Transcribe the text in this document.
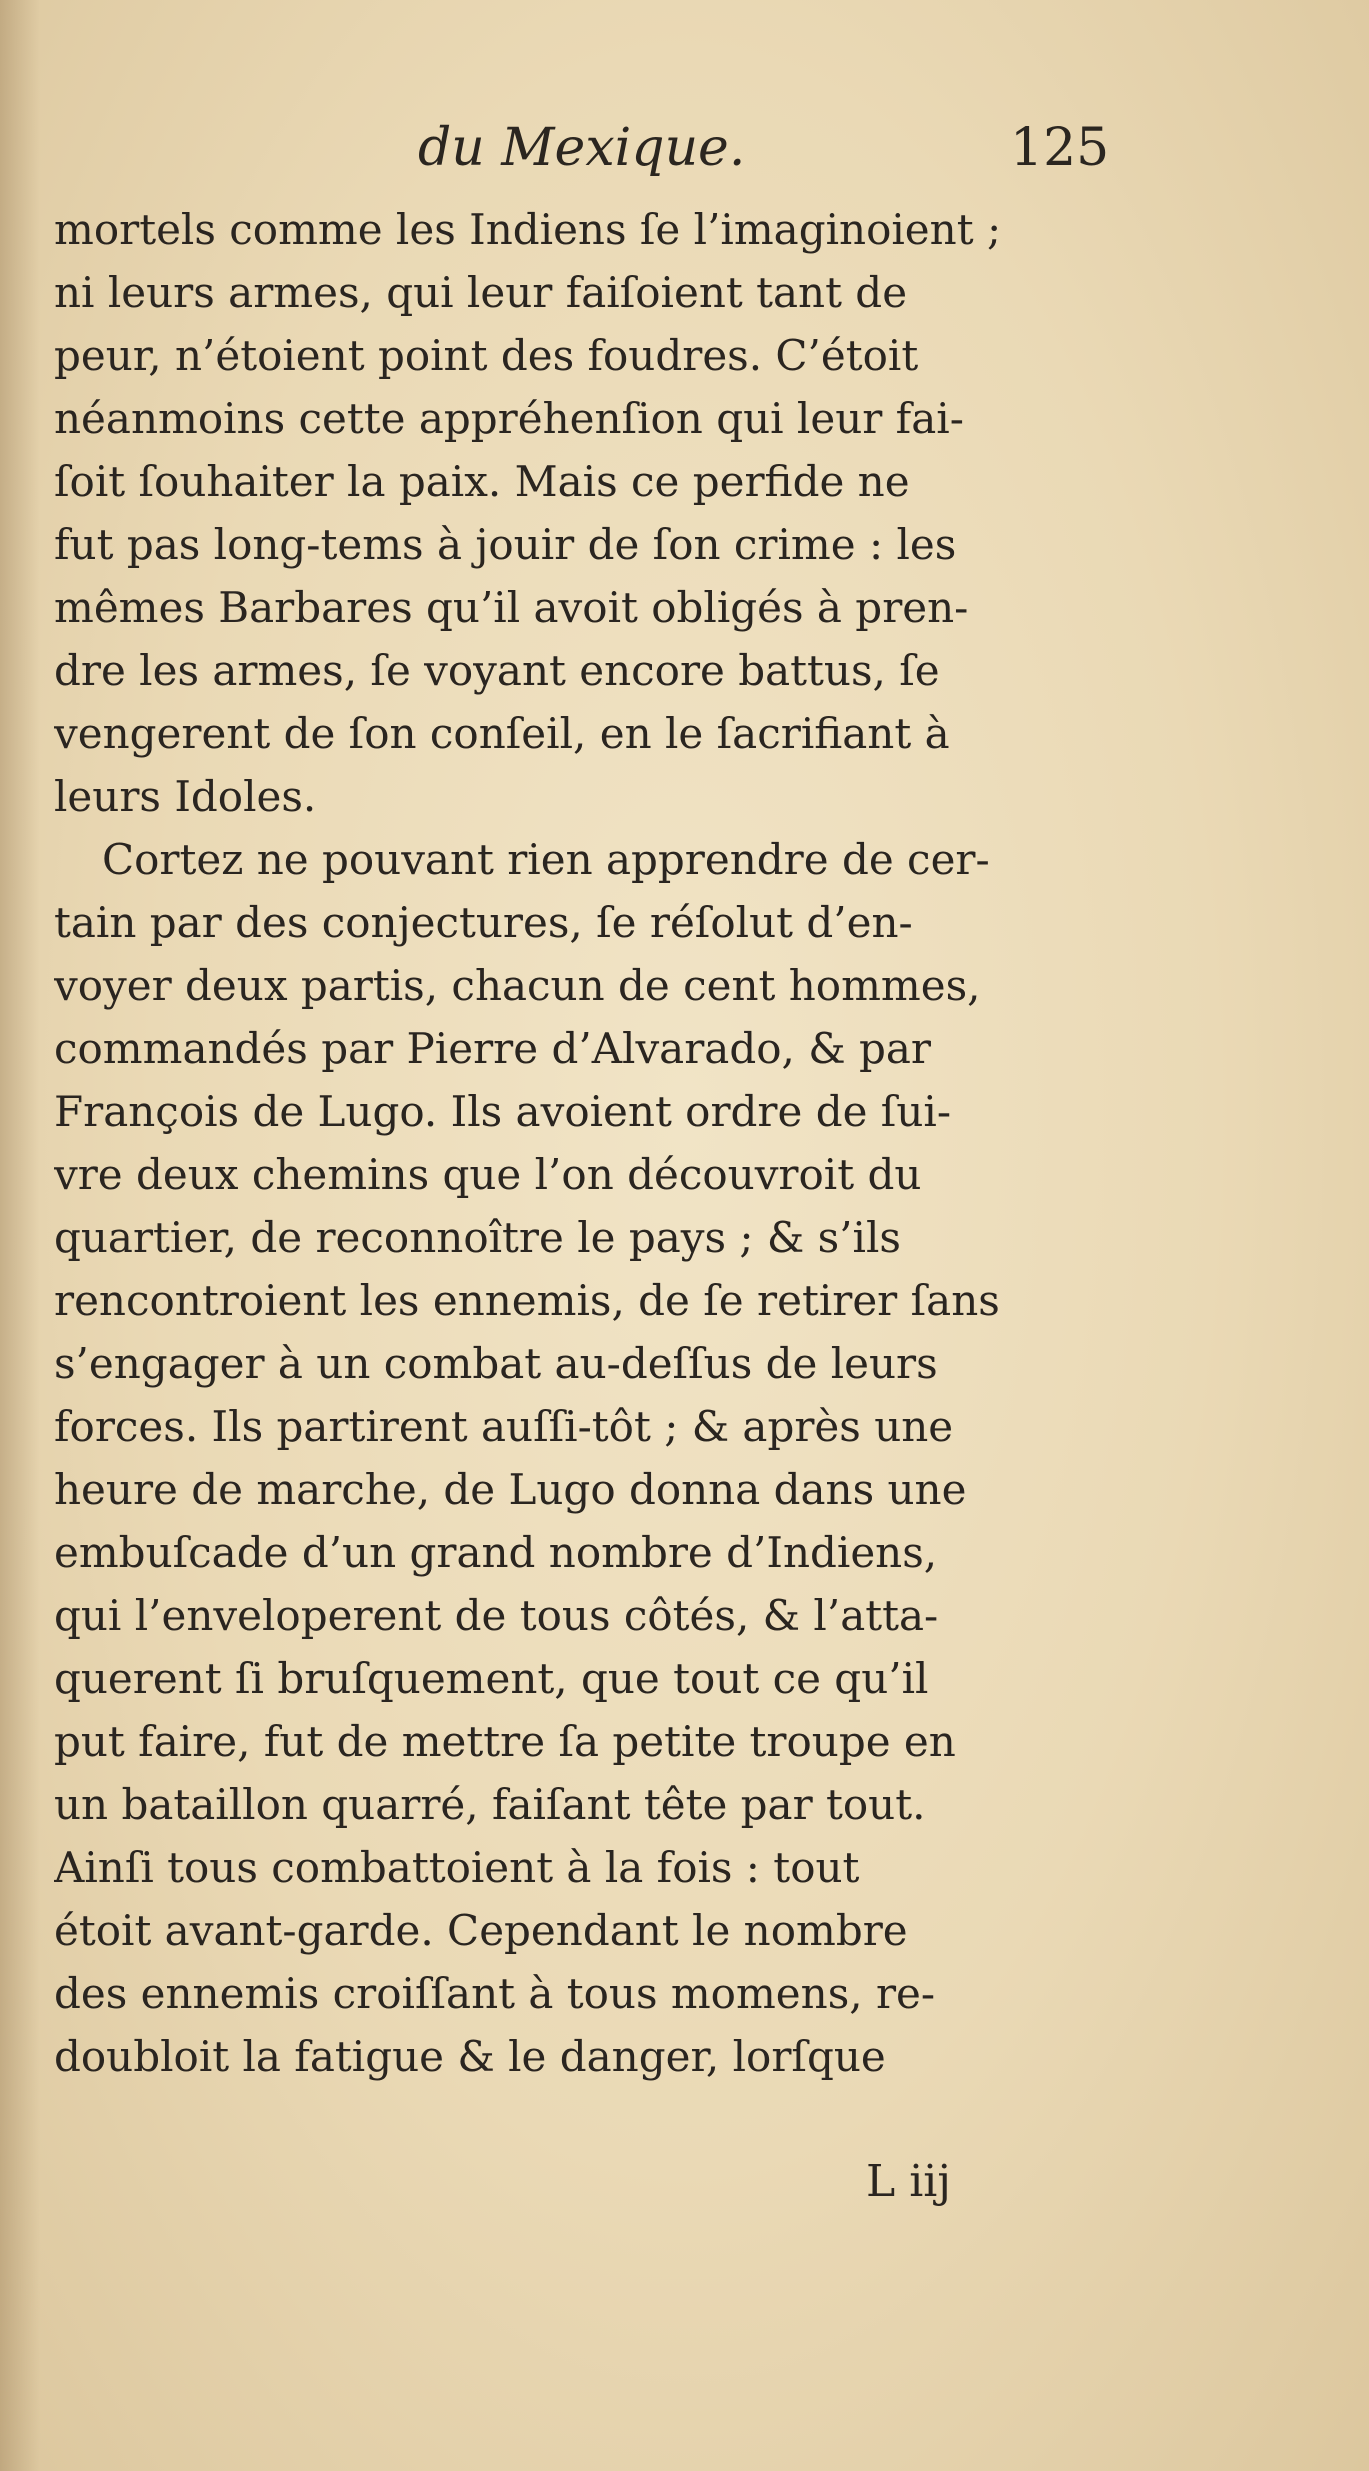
du Mexique.	125
mortels comme les Indiens ſe l’imaginoient ;
ni leurs armes, qui leur faiſoient tant de
peur, n’étoient point des foudres. C’étoit
néanmoins cette appréhenſion qui leur fai-
ſoit ſouhaiter la paix. Mais ce perfide ne
fut pas long-tems à jouir de ſon crime : les
mêmes Barbares qu’il avoit obligés à pren-
dre les armes, ſe voyant encore battus, ſe
vengerent de ſon conſeil, en le ſacrifiant à
leurs Idoles.
Cortez ne pouvant rien apprendre de cer-
tain par des conjectures, ſe réſolut d’en-
voyer deux partis, chacun de cent hommes,
commandés par Pierre d’Alvarado, & par
François de Lugo. Ils avoient ordre de ſui-
vre deux chemins que l’on découvroit du
quartier, de reconnoître le pays ; & s’ils
rencontroient les ennemis, de ſe retirer ſans
s’engager à un combat au-deſſus de leurs
forces. Ils partirent auſſi-tôt ; & après une
heure de marche, de Lugo donna dans une
embuſcade d’un grand nombre d’Indiens,
qui l’enveloperent de tous côtés, & l’atta-
querent ſi bruſquement, que tout ce qu’il
put faire, fut de mettre ſa petite troupe en
un bataillon quarré, faiſant tête par tout.
Ainſi tous combattoient à la fois : tout
étoit avant-garde. Cependant le nombre
des ennemis croiſſant à tous momens, re-
doubloit la fatigue & le danger, lorſque
L iij
